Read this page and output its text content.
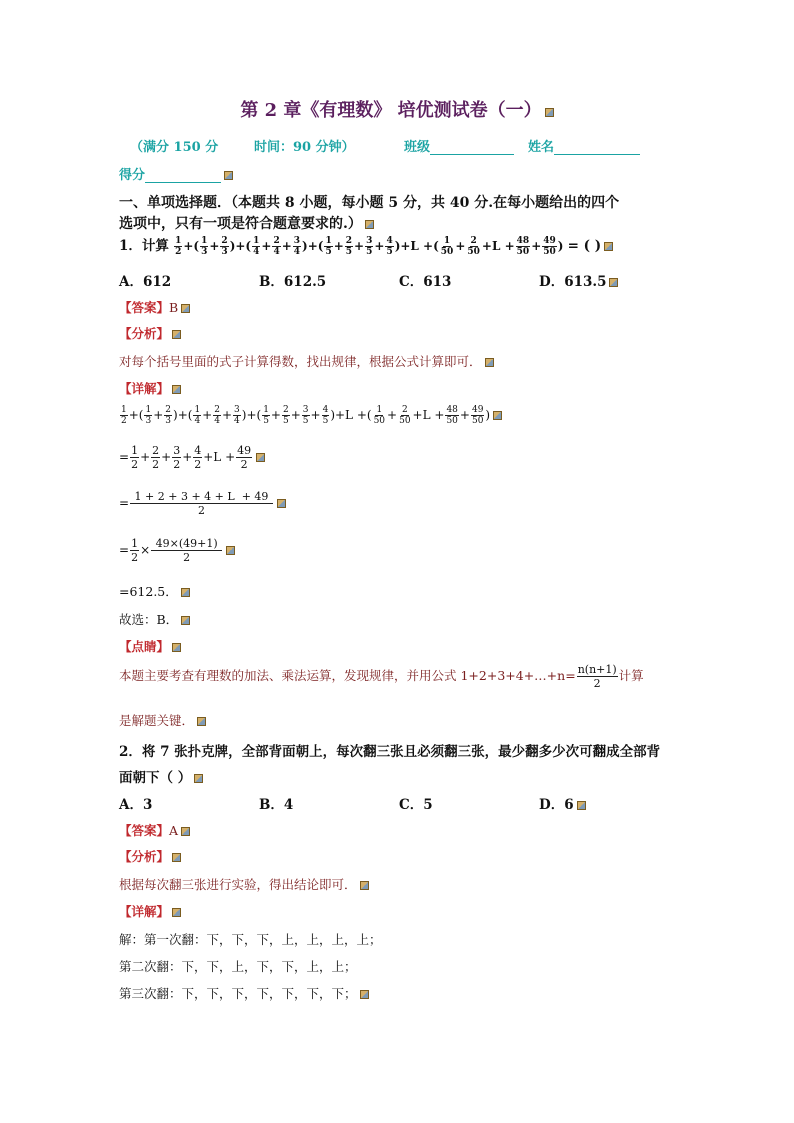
第 2 章《有理数》 培优测试卷（一）
（满分 150 分	时间：90 分钟）	班级	姓名
得分
一、单项选择题．（本题共 8 小题，每小题 5 分，共 40 分.在每小题给出的四个
选项中，只有一项是符合题意要求的.）
1．计算 $\frac{1}{2}$ +( $\frac{1}{3} + \frac{2}{3}$ )+( $\frac{1}{4} + \frac{2}{4} + \frac{3}{4}$ )+( $\frac{1}{5} + \frac{2}{5} + \frac{3}{5} + \frac{4}{5} )+L$ +( $\frac{1}{50} + \frac{2}{50} +L + \frac{48}{50} + \frac{49}{50}$ ) = ( )
A．612	B．612.5	C．613	D．613.5
【答案】B
【分析】
对每个括号里面的式子计算得数，找出规律，根据公式计算即可．
【详解】
$\frac{1}{2}$ +( $\frac{1}{3} + \frac{2}{3}$ )+( $\frac{1}{4} + \frac{2}{4} + \frac{3}{4}$ )+( $\frac{1}{5} + \frac{2}{5} + \frac{3}{5} + \frac{4}{5} )+L$ +( $\frac{1}{50} + \frac{2}{50} +L + \frac{48}{50} + \frac{49}{50}$ )
= $\frac{1}{2} + \frac{2}{2} + \frac{3}{2} + \frac{4}{2} +L + \frac{49}{2}$
= $\frac{1 + 2 + 3 + 4 + L + 49}{2}$
= $\frac{1}{2} \times \frac{49\times(49+1)}{2}$
=612.5．
故选：B．
【点睛】
本题主要考查有理数的加法、乘法运算，发现规律，并用公式 1+2+3+4+…+n= $\frac{n(n+1)}{2}$ 计算
是解题关键．
2．将 7 张扑克牌，全部背面朝上，每次翻三张且必须翻三张，最少翻多少次可翻成全部背
面朝下（ ）
A．3	B．4	C．5	D．6
【答案】A
【分析】
根据每次翻三张进行实验，得出结论即可．
【详解】
解：第一次翻：下，下，下，上，上，上，上；
第二次翻：下，下，上，下，下，上，上；
第三次翻：下，下，下，下，下，下，下；
